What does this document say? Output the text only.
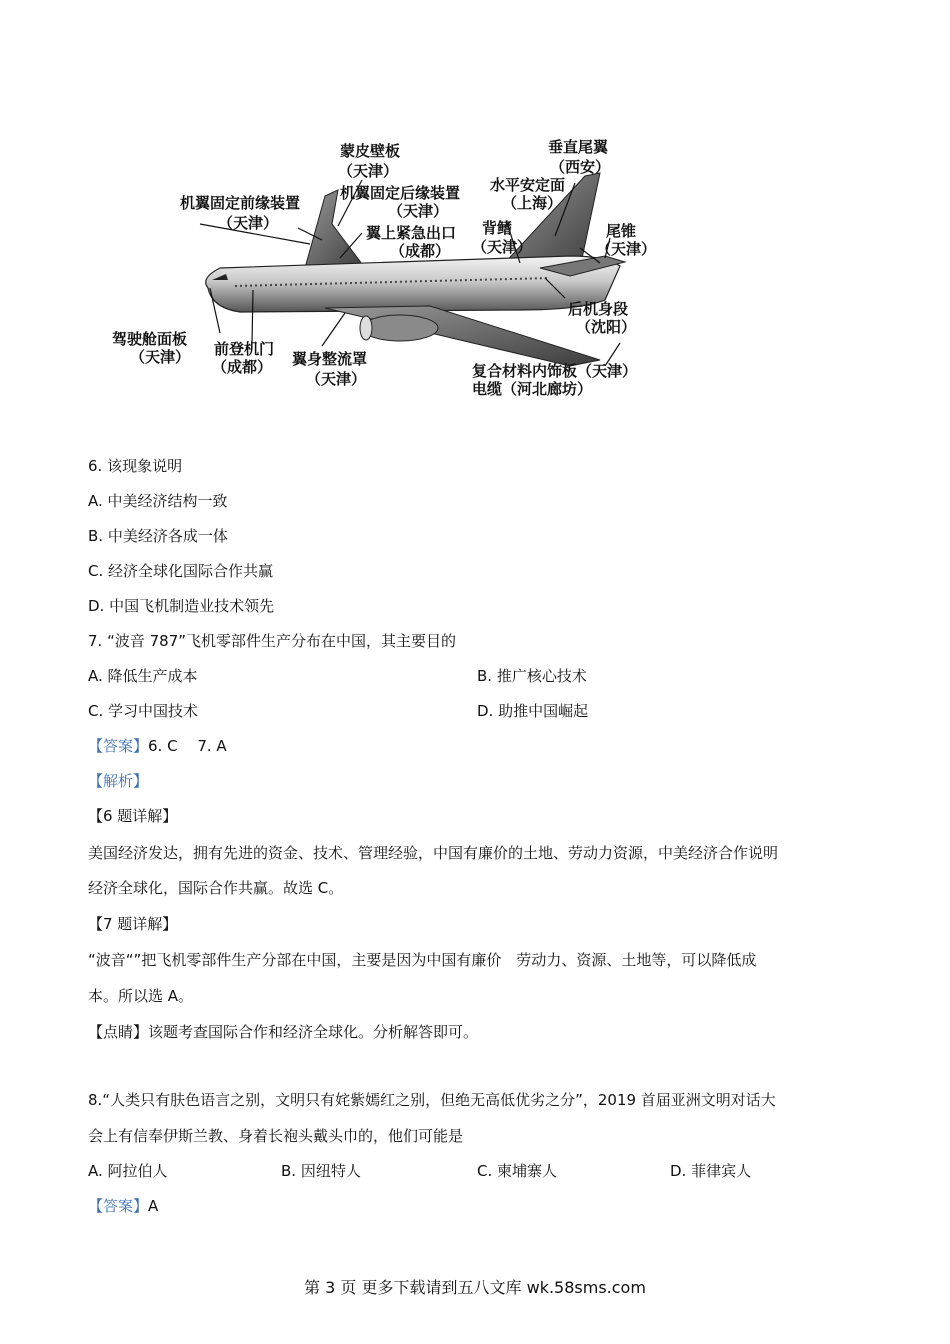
蒙皮壁板
（天津）
垂直尾翼
（西安）
机翼固定前缘装置
（天津）
机翼固定后缘装置
（天津）
水平安定面
（上海）
翼上紧急出口
（成都）
背鳍
（天津）
尾锥
（天津）
驾驶舱面板
（天津） 前登机门
（成都） 翼身整流罩
（天津）
后机身段
（沈阳）
复合材料内饰板（天津）
电缆（河北廊坊）
6. 该现象说明
A. 中美经济结构一致
B. 中美经济各成一体
C. 经济全球化国际合作共赢
D. 中国飞机制造业技术领先
7. “波音 787”飞机零部件生产分布在中国，其主要目的
A. 降低生产成本	B. 推广核心技术
C. 学习中国技术	D. 助推中国崛起
【答案】6. C　 7. A
【解析】
【6 题详解】
美国经济发达，拥有先进的资金、技术、管理经验，中国有廉价的土地、劳动力资源，中美经济合作说明
经济全球化，国际合作共赢。故选 C。
【7 题详解】
“波音“”把飞机零部件生产分部在中国，主要是因为中国有廉价　劳动力、资源、土地等，可以降低成
本。所以选 A。
【点睛】该题考查国际合作和经济全球化。分析解答即可。
8.“人类只有肤色语言之别，文明只有姹紫嫣红之别，但绝无高低优劣之分”，2019 首届亚洲文明对话大
会上有信奉伊斯兰教、身着长袍头戴头巾的，他们可能是
A. 阿拉伯人	B. 因纽特人	C. 柬埔寨人	D. 菲律宾人
【答案】A
第 3 页 更多下载请到五八文库 wk.58sms.com
